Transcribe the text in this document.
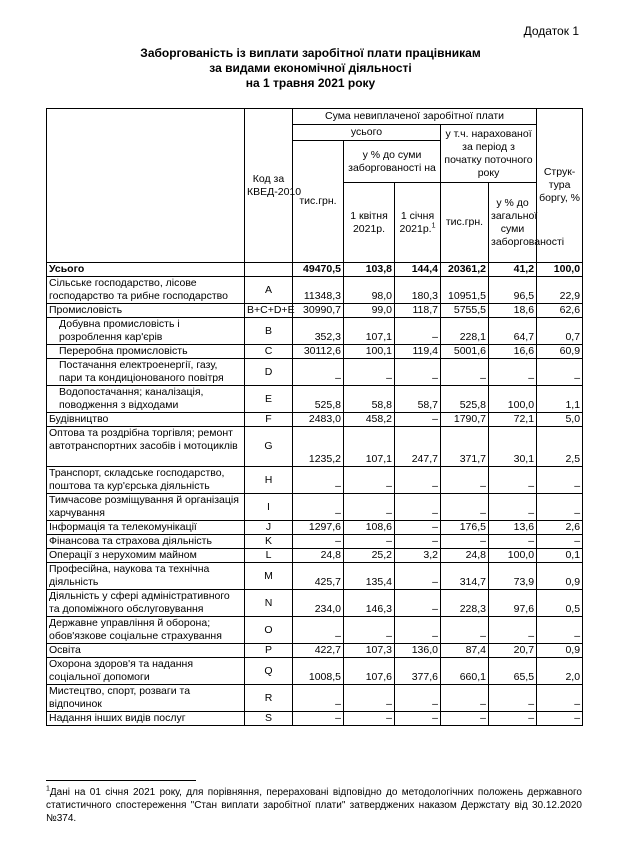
Додаток 1
Заборгованість із виплати заробітної плати працівникам
за видами економічної діяльності
на 1 травня 2021 року
	Код за КВЕД-2010	Сума невиплаченої заробітної плати					Струк-тура боргу, %
		усього			у т.ч. нарахованої за період з початку поточного року		
		тис.грн.	у % до суми заборгованості на				
			1 квітня 2021р.	1 січня 2021р.$^1$	тис.грн.	у % до загальної суми заборгованості	
Усього		49470,5	103,8	144,4	20361,2	41,2	100,0
Сільське господарство, лісове господарство та рибне господарство	A	11348,3	98,0	180,3	10951,5	96,5	22,9
Промисловість	B+C+D+E	30990,7	99,0	118,7	5755,5	18,6	62,6
Добувна промисловість і розроблення кар'єрів	B	352,3	107,1	–	228,1	64,7	0,7
Переробна промисловість	C	30112,6	100,1	119,4	5001,6	16,6	60,9
Постачання електроенергії, газу, пари та кондиціонованого повітря	D	–	–	–	–	–	–
Водопостачання; каналізація, поводження з відходами	E	525,8	58,8	58,7	525,8	100,0	1,1
Будівництво	F	2483,0	458,2	–	1790,7	72,1	5,0
Оптова та роздрібна торгівля; ремонт автотранспортних засобів і мотоциклів	G	1235,2	107,1	247,7	371,7	30,1	2,5
Транспорт, складське господарство, поштова та кур'єрська діяльність	H	–	–	–	–	–	–
Тимчасове розміщування й організація харчування	I	–	–	–	–	–	–
Інформація та телекомунікації	J	1297,6	108,6	–	176,5	13,6	2,6
Фінансова та страхова діяльність	K	–	–	–	–	–	–
Операції з нерухомим майном	L	24,8	25,2	3,2	24,8	100,0	0,1
Професійна, наукова та технічна діяльність	M	425,7	135,4	–	314,7	73,9	0,9
Діяльність у сфері адміністративного та допоміжного обслуговування	N	234,0	146,3	–	228,3	97,6	0,5
Державне управління й оборона; обов'язкове соціальне страхування	O	–	–	–	–	–	–
Освіта	P	422,7	107,3	136,0	87,4	20,7	0,9
Охорона здоров'я та надання соціальної допомоги	Q	1008,5	107,6	377,6	660,1	65,5	2,0
Мистецтво, спорт, розваги та відпочинок	R	–	–	–	–	–	–
Надання інших видів послуг	S	–	–	–	–	–	–
$^1$Дані на 01 січня 2021 року, для порівняння, перераховані відповідно до методологічних положень державного статистичного спостереження "Стан виплати заробітної плати" затверджених наказом Держстату від 30.12.2020 №374.
